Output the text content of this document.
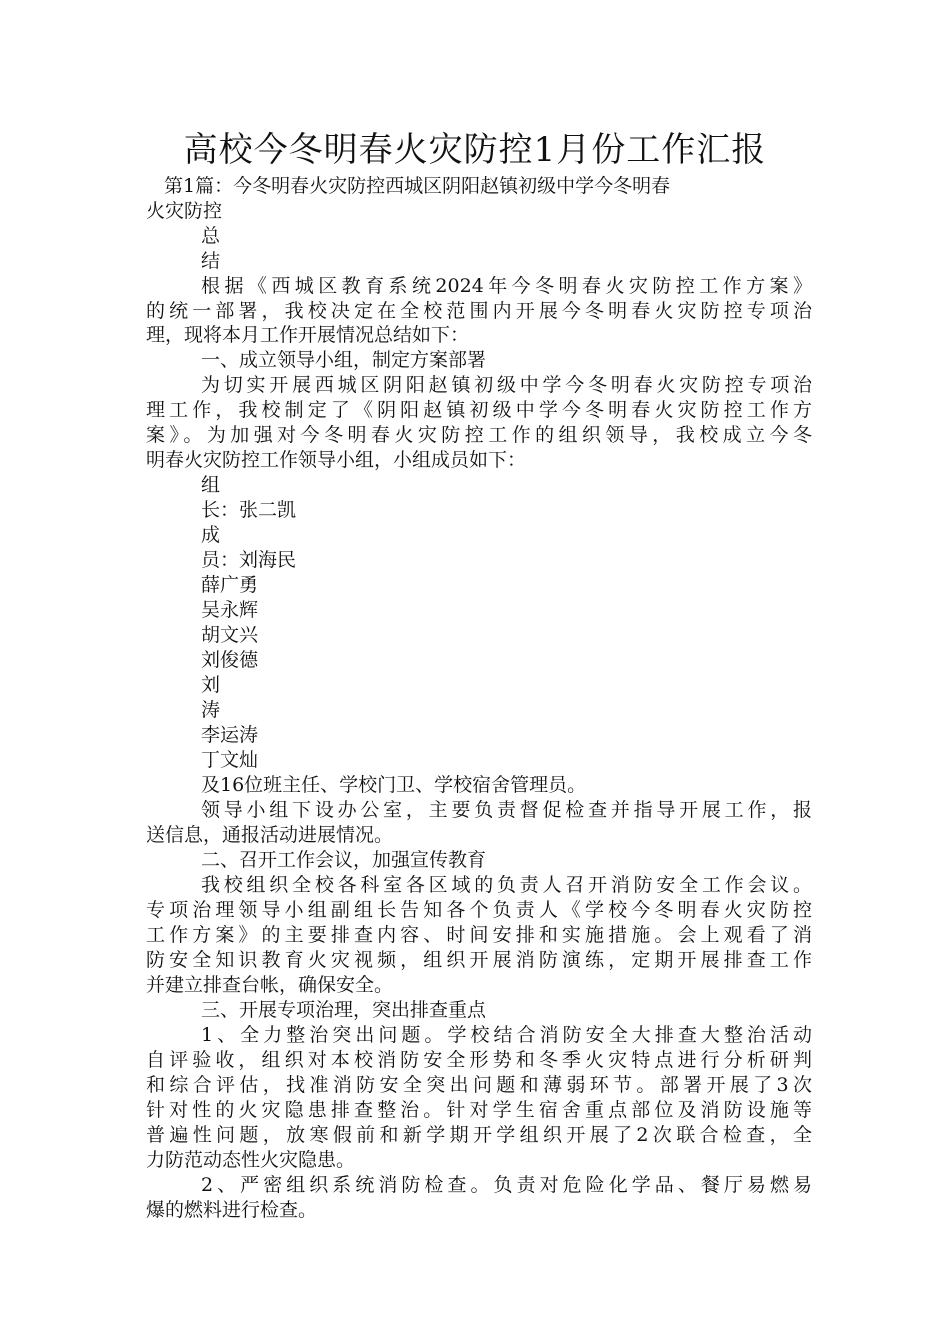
高校今冬明春火灾防控1月份工作汇报
第1篇：今冬明春火灾防控西城区阴阳赵镇初级中学今冬明春
火灾防控
总
结
根据《西城区教育系统2024年今冬明春火灾防控工作方案》
的统一部署，我校决定在全校范围内开展今冬明春火灾防控专项治
理，现将本月工作开展情况总结如下：
一、成立领导小组，制定方案部署
为切实开展西城区阴阳赵镇初级中学今冬明春火灾防控专项治
理工作，我校制定了《阴阳赵镇初级中学今冬明春火灾防控工作方
案》。为加强对今冬明春火灾防控工作的组织领导，我校成立今冬
明春火灾防控工作领导小组，小组成员如下：
组
长：张二凯
成
员：刘海民
薛广勇
吴永辉
胡文兴
刘俊德
刘
涛
李运涛
丁文灿
及16位班主任、学校门卫、学校宿舍管理员。
领导小组下设办公室，主要负责督促检查并指导开展工作，报
送信息，通报活动进展情况。
二、召开工作会议，加强宣传教育
我校组织全校各科室各区域的负责人召开消防安全工作会议。
专项治理领导小组副组长告知各个负责人《学校今冬明春火灾防控
工作方案》的主要排查内容、时间安排和实施措施。会上观看了消
防安全知识教育火灾视频，组织开展消防演练，定期开展排查工作
并建立排查台帐，确保安全。
三、开展专项治理，突出排查重点
1、全力整治突出问题。学校结合消防安全大排查大整治活动
自评验收，组织对本校消防安全形势和冬季火灾特点进行分析研判
和综合评估，找准消防安全突出问题和薄弱环节。部署开展了3次
针对性的火灾隐患排查整治。针对学生宿舍重点部位及消防设施等
普遍性问题，放寒假前和新学期开学组织开展了2次联合检查，全
力防范动态性火灾隐患。
2、严密组织系统消防检查。负责对危险化学品、餐厅易燃易
爆的燃料进行检查。
